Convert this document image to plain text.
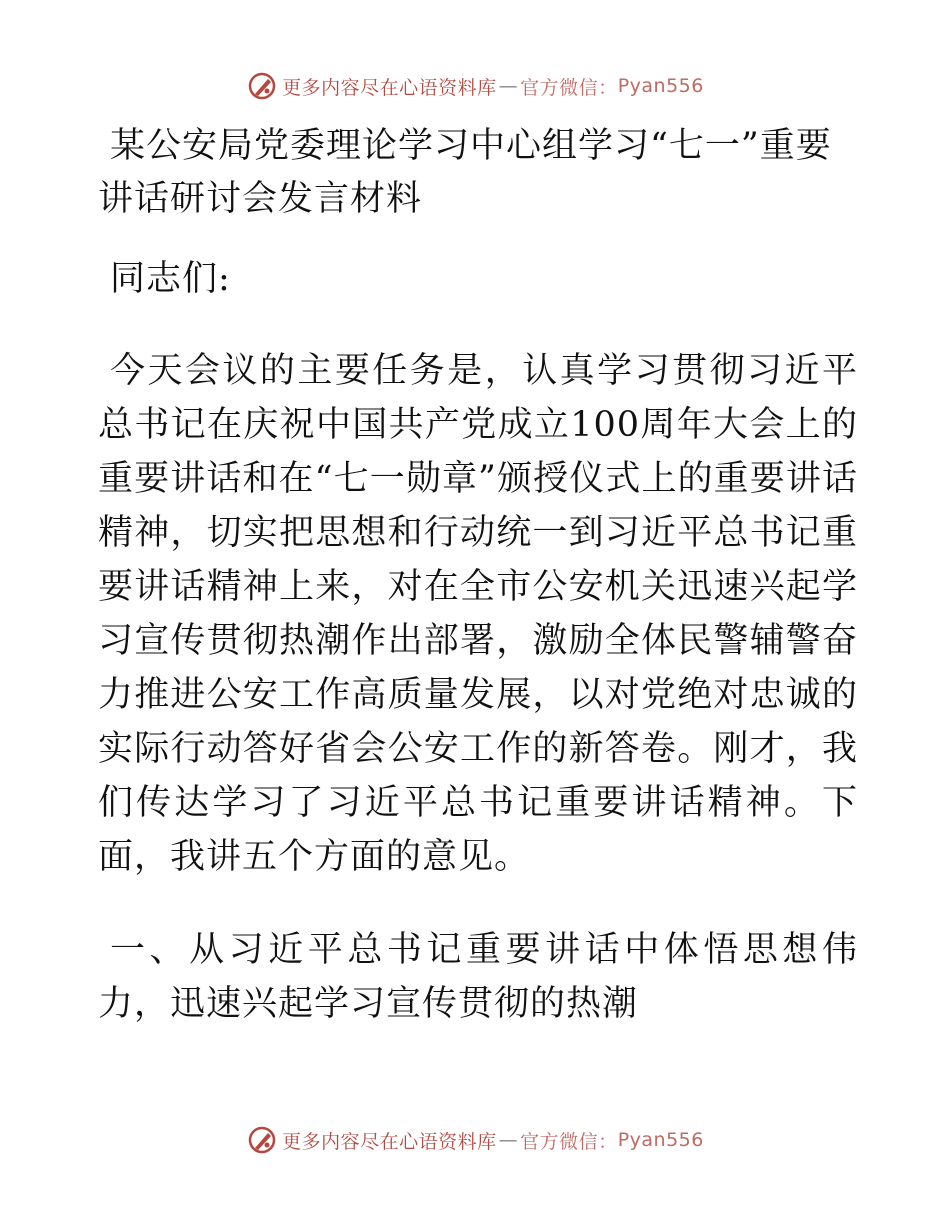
更多内容尽在心语资料库 — 官方微信： Pyan556
某公安局党委理论学习中心组学习“七一”重要讲话研讨会发言材料

同志们:

今天会议的主要任务是，认真学习贯彻习近平总书记在庆祝中国共产党成立100周年大会上的重要讲话和在“七一勋章”颁授仪式上的重要讲话精神，切实把思想和行动统一到习近平总书记重要讲话精神上来，对在全市公安机关迅速兴起学习宣传贯彻热潮作出部署，激励全体民警辅警奋力推进公安工作高质量发展，以对党绝对忠诚的实际行动答好省会公安工作的新答卷。刚才，我们传达学习了习近平总书记重要讲话精神。下面，我讲五个方面的意见。

一、从习近平总书记重要讲话中体悟思想伟力，迅速兴起学习宣传贯彻的热潮

更多内容尽在心语资料库 — 官方微信： Pyan556
